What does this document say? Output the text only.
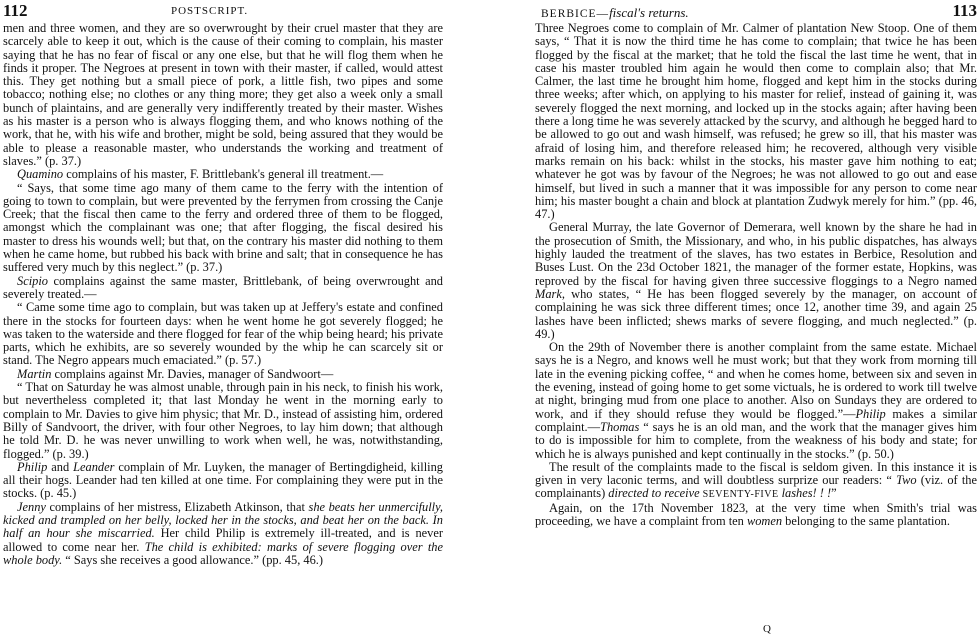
112	POSTSCRIPT.

men and three women, and they are so overwrought by their cruel master that they are scarcely able to keep it out, which is the cause of their coming to complain, his master saying that he has no fear of fiscal or any one else, but that he will flog them when he finds it proper. The Negroes at present in town with their master, if called, would attest this. They get nothing but a small piece of pork, a little fish, two pipes and some tobacco; nothing else; no clothes or any thing more; they get also a week only a small bunch of plaintains, and are generally very indifferently treated by their master. Wishes as his master is a person who is always flogging them, and who knows nothing of the work, that he, with his wife and brother, might be sold, being assured that they would be able to please a reasonable master, who understands the working and treatment of slaves.” (p. 37.)

Quamino complains of his master, F. Brittlebank's general ill treatment.—

“ Says, that some time ago many of them came to the ferry with the intention of going to town to complain, but were prevented by the ferrymen from crossing the Canje Creek; that the fiscal then came to the ferry and ordered three of them to be flogged, amongst which the complainant was one; that after flogging, the fiscal desired his master to dress his wounds well; but that, on the contrary his master did nothing to them when he came home, but rubbed his back with brine and salt; that in consequence he has suffered very much by this neglect.” (p. 37.)

Scipio complains against the same master, Brittlebank, of being overwrought and severely treated.—

“ Came some time ago to complain, but was taken up at Jeffery's estate and confined there in the stocks for fourteen days: when he went home he got severely flogged; he was taken to the waterside and there flogged for fear of the whip being heard; his private parts, which he exhibits, are so severely wounded by the whip he can scarcely sit or stand. The Negro appears much emaciated.” (p. 57.)

Martin complains against Mr. Davies, manager of Sandwoort—

“ That on Saturday he was almost unable, through pain in his neck, to finish his work, but nevertheless completed it; that last Monday he went in the morning early to complain to Mr. Davies to give him physic; that Mr. D., instead of assisting him, ordered Billy of Sandvoort, the driver, with four other Negroes, to lay him down; that although he told Mr. D. he was never unwilling to work when well, he was, notwithstanding, flogged.” (p. 39.)

Philip and Leander complain of Mr. Luyken, the manager of Bertingdigheid, killing all their hogs. Leander had ten killed at one time. For complaining they were put in the stocks. (p. 45.)

Jenny complains of her mistress, Elizabeth Atkinson, that she beats her unmercifully, kicked and trampled on her belly, locked her in the stocks, and beat her on the back. In half an hour she miscarried. Her child Philip is extremely ill-treated, and is never allowed to come near her. The child is exhibited: marks of severe flogging over the whole body. “ Says she receives a good allowance.” (pp. 45, 46.)

BERBICE—fiscal's returns.	113

Three Negroes come to complain of Mr. Calmer of plantation New Stoop. One of them says, “ That it is now the third time he has come to complain; that twice he has been flogged by the fiscal at the market; that he told the fiscal the last time he went, that in case his master troubled him again he would then come to complain also; that Mr. Calmer, the last time he brought him home, flogged and kept him in the stocks during three weeks; after which, on applying to his master for relief, instead of gaining it, was severely flogged the next morning, and locked up in the stocks again; after having been there a long time he was severely attacked by the scurvy, and although he begged hard to be allowed to go out and wash himself, was refused; he grew so ill, that his master was afraid of losing him, and therefore released him; he recovered, although very visible marks remain on his back: whilst in the stocks, his master gave him nothing to eat; whatever he got was by favour of the Negroes; he was not allowed to go out and ease himself, but lived in such a manner that it was impossible for any person to come near him; his master bought a chain and block at plantation Zudwyk merely for him.” (pp. 46, 47.)

General Murray, the late Governor of Demerara, well known by the share he had in the prosecution of Smith, the Missionary, and who, in his public dispatches, has always highly lauded the treatment of the slaves, has two estates in Berbice, Resolution and Buses Lust. On the 23d October 1821, the manager of the former estate, Hopkins, was reproved by the fiscal for having given three successive floggings to a Negro named Mark, who states, “ He has been flogged severely by the manager, on account of complaining he was sick three different times; once 12, another time 39, and again 25 lashes have been inflicted; shews marks of severe flogging, and much neglected.” (p. 49.)

On the 29th of November there is another complaint from the same estate. Michael says he is a Negro, and knows well he must work; but that they work from morning till late in the evening picking coffee, “ and when he comes home, between six and seven in the evening, instead of going home to get some victuals, he is ordered to work till twelve at night, bringing mud from one place to another. Also on Sundays they are ordered to work, and if they should refuse they would be flogged.”—Philip makes a similar complaint.—Thomas “ says he is an old man, and the work that the manager gives him to do is impossible for him to complete, from the weakness of his body and state; for which he is always punished and kept continually in the stocks.” (p. 50.)

The result of the complaints made to the fiscal is seldom given. In this instance it is given in very laconic terms, and will doubtless surprize our readers: “ Two (viz. of the complainants) directed to receive SEVENTY-FIVE lashes! ! !”

Again, on the 17th November 1823, at the very time when Smith's trial was proceeding, we have a complaint from ten women belonging to the same plantation.

Q
